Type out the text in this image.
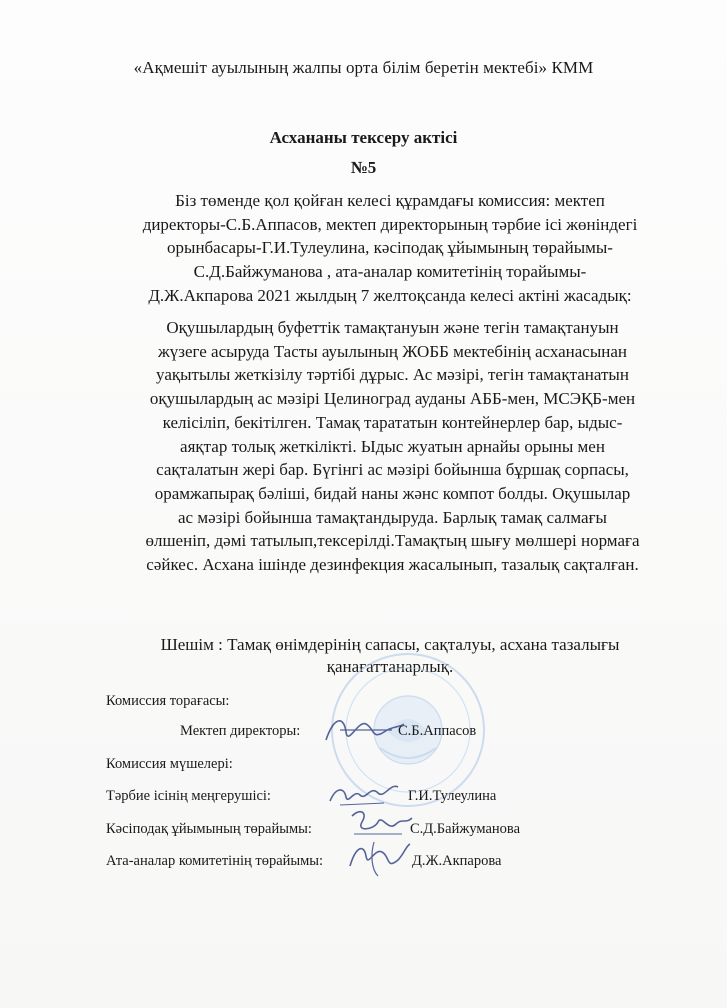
«Ақмешіт ауылының жалпы орта білім беретін мектебі» КММ
Асхананы тексеру актісі
№5
Біз төменде қол қойған келесі құрамдағы комиссия: мектеп
директоры-С.Б.Аппасов, мектеп директорының тәрбие ісі жөніндегі
орынбасары-Г.И.Тулеулина, кәсіподақ ұйымының төрайымы-
С.Д.Байжуманова , ата-аналар комитетінің торайымы-
Д.Ж.Акпарова 2021 жылдың 7 желтоқсанда келесі актіні жасадық:
Оқушылардың буфеттік тамақтануын және тегін тамақтануын
жүзеге асыруда Тасты ауылының ЖОББ мектебінің асханасынан
уақытылы жеткізілу тәртібі дұрыс. Ас мәзірі, тегін тамақтанатын
оқушылардың ас мәзірі Целиноград ауданы АББ-мен, МСЭҚБ-мен
келісіліп, бекітілген. Тамақ тарататын контейнерлер бар, ыдыс-
аяқтар толық жеткілікті. Ыдыс жуатын арнайы орыны мен
сақталатын жері бар. Бүгінгі ас мәзірі бойынша бұршақ сорпасы,
орамжапырақ бәліші, бидай наны жәнс компот болды. Оқушылар
ас мәзірі бойынша тамақтандыруда. Барлық тамақ салмағы
өлшеніп, дәмі татылып,тексерілді.Тамақтың шығу мөлшері нормаға
сәйкес. Асхана ішінде дезинфекция жасалынып, тазалық сақталған.
Шешім : Тамақ өнімдерінің сапасы, сақталуы, асхана тазалығы
қанағаттанарлық.
Комиссия торағасы:
Мектеп директоры:	С.Б.Аппасов
Комиссия мүшелері:
Тәрбие ісінің меңгерушісі:	Г.И.Тулеулина
Кәсіподақ ұйымының төрайымы:	С.Д.Байжуманова
Ата-аналар комитетінің төрайымы:	Д.Ж.Акпарова
